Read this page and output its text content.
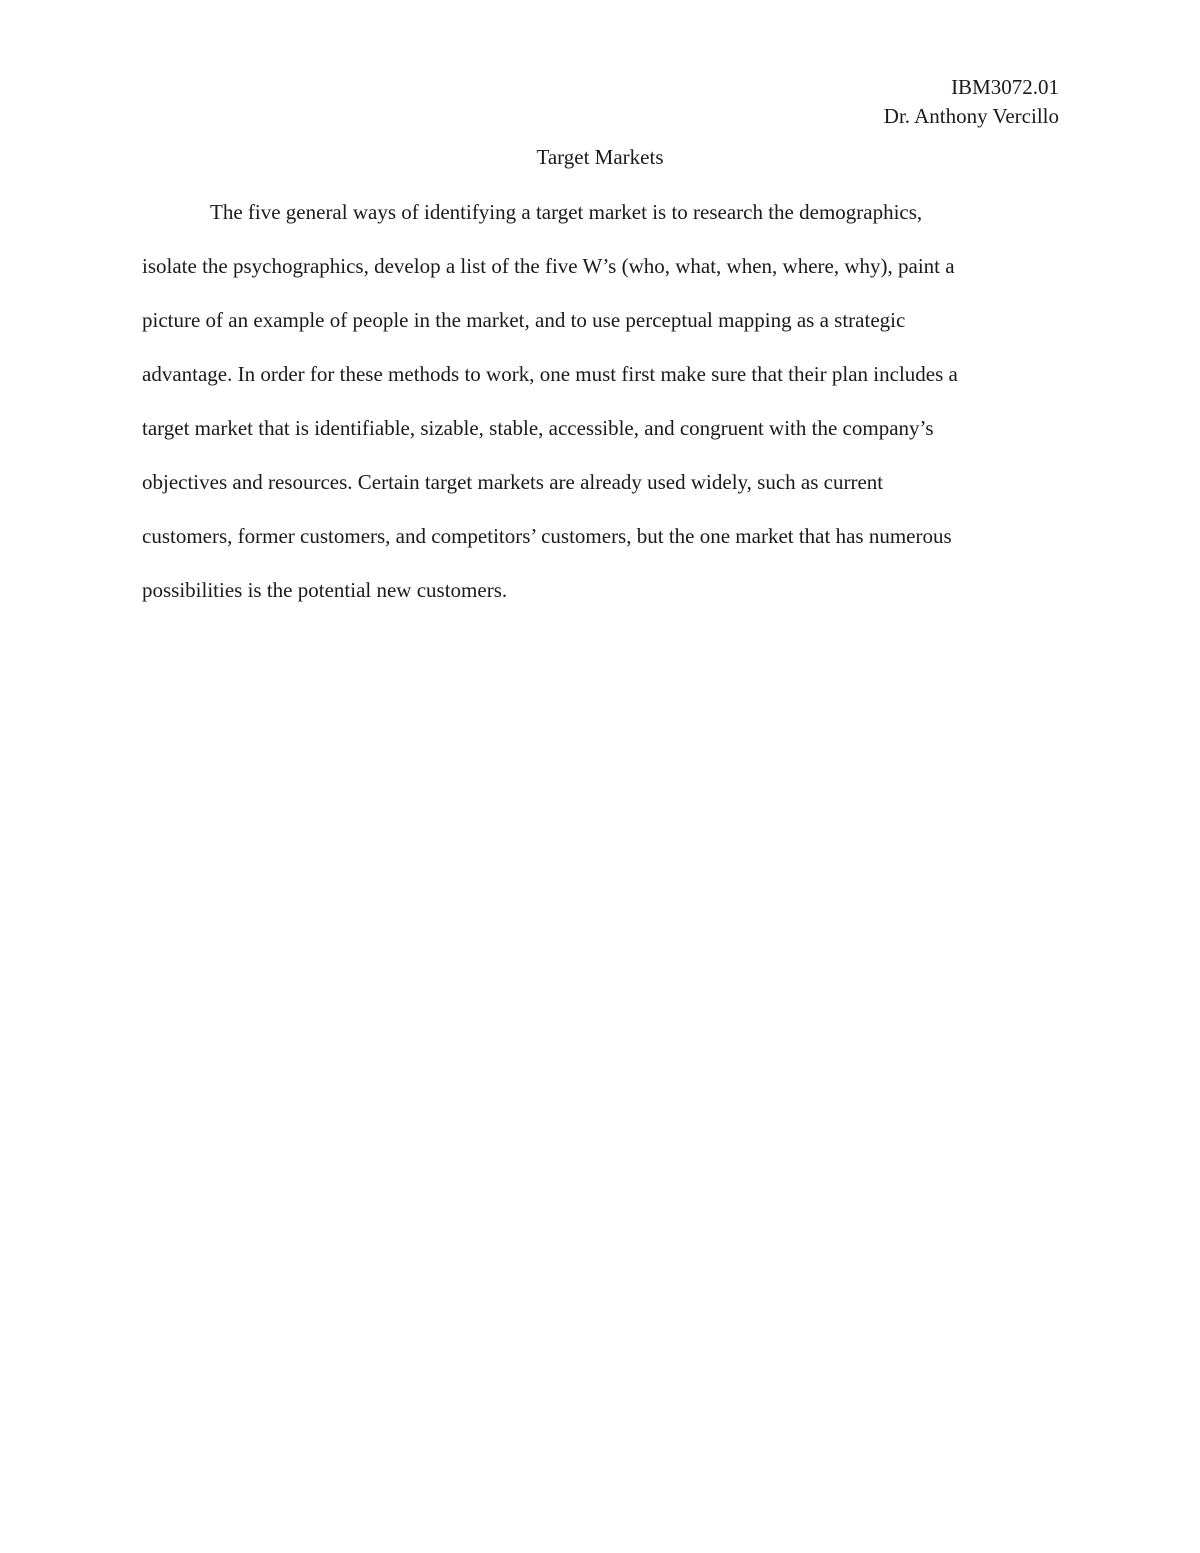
IBM3072.01
Dr. Anthony Vercillo
Target Markets
The five general ways of identifying a target market is to research the demographics,
isolate the psychographics, develop a list of the five W’s (who, what, when, where, why), paint a
picture of an example of people in the market, and to use perceptual mapping as a strategic
advantage. In order for these methods to work, one must first make sure that their plan includes a
target market that is identifiable, sizable, stable, accessible, and congruent with the company’s
objectives and resources. Certain target markets are already used widely, such as current
customers, former customers, and competitors’ customers, but the one market that has numerous
possibilities is the potential new customers.
